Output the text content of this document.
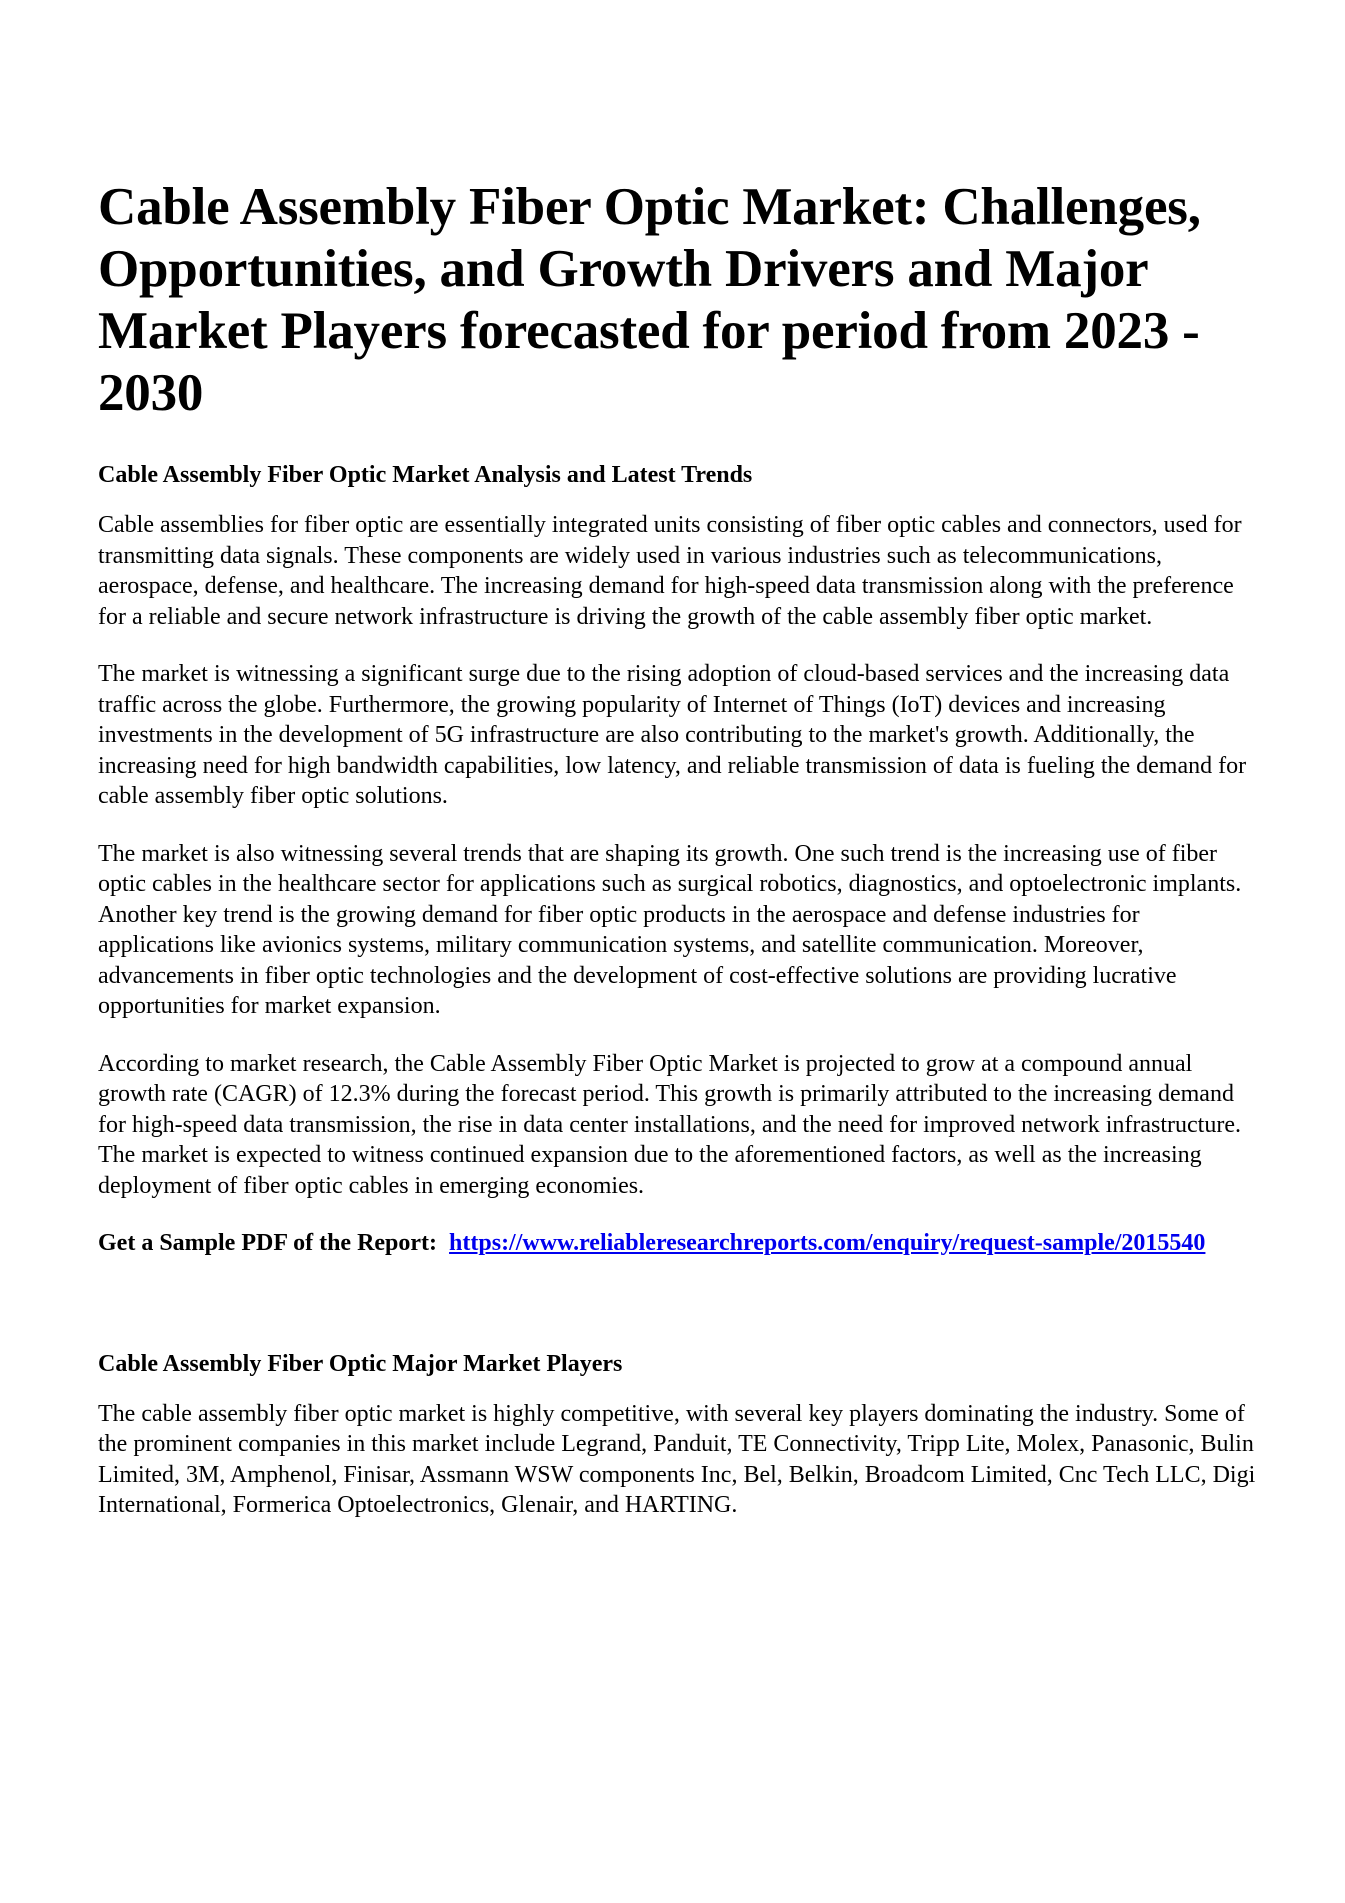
Cable Assembly Fiber Optic Market: Challenges, Opportunities, and Growth Drivers and Major Market Players forecasted for period from 2023 - 2030
Cable Assembly Fiber Optic Market Analysis and Latest Trends

Cable assemblies for fiber optic are essentially integrated units consisting of fiber optic cables and connectors, used for transmitting data signals. These components are widely used in various industries such as telecommunications, aerospace, defense, and healthcare. The increasing demand for high-speed data transmission along with the preference for a reliable and secure network infrastructure is driving the growth of the cable assembly fiber optic market.

The market is witnessing a significant surge due to the rising adoption of cloud-based services and the increasing data traffic across the globe. Furthermore, the growing popularity of Internet of Things (IoT) devices and increasing investments in the development of 5G infrastructure are also contributing to the market's growth. Additionally, the increasing need for high bandwidth capabilities, low latency, and reliable transmission of data is fueling the demand for cable assembly fiber optic solutions.

The market is also witnessing several trends that are shaping its growth. One such trend is the increasing use of fiber optic cables in the healthcare sector for applications such as surgical robotics, diagnostics, and optoelectronic implants. Another key trend is the growing demand for fiber optic products in the aerospace and defense industries for applications like avionics systems, military communication systems, and satellite communication. Moreover, advancements in fiber optic technologies and the development of cost-effective solutions are providing lucrative opportunities for market expansion.

According to market research, the Cable Assembly Fiber Optic Market is projected to grow at a compound annual growth rate (CAGR) of 12.3% during the forecast period. This growth is primarily attributed to the increasing demand for high-speed data transmission, the rise in data center installations, and the need for improved network infrastructure. The market is expected to witness continued expansion due to the aforementioned factors, as well as the increasing deployment of fiber optic cables in emerging economies.

Get a Sample PDF of the Report: https://www.reliableresearchreports.com/enquiry/request-sample/2015540

Cable Assembly Fiber Optic Major Market Players

The cable assembly fiber optic market is highly competitive, with several key players dominating the industry. Some of the prominent companies in this market include Legrand, Panduit, TE Connectivity, Tripp Lite, Molex, Panasonic, Bulin Limited, 3M, Amphenol, Finisar, Assmann WSW components Inc, Bel, Belkin, Broadcom Limited, Cnc Tech LLC, Digi International, Formerica Optoelectronics, Glenair, and HARTING.
